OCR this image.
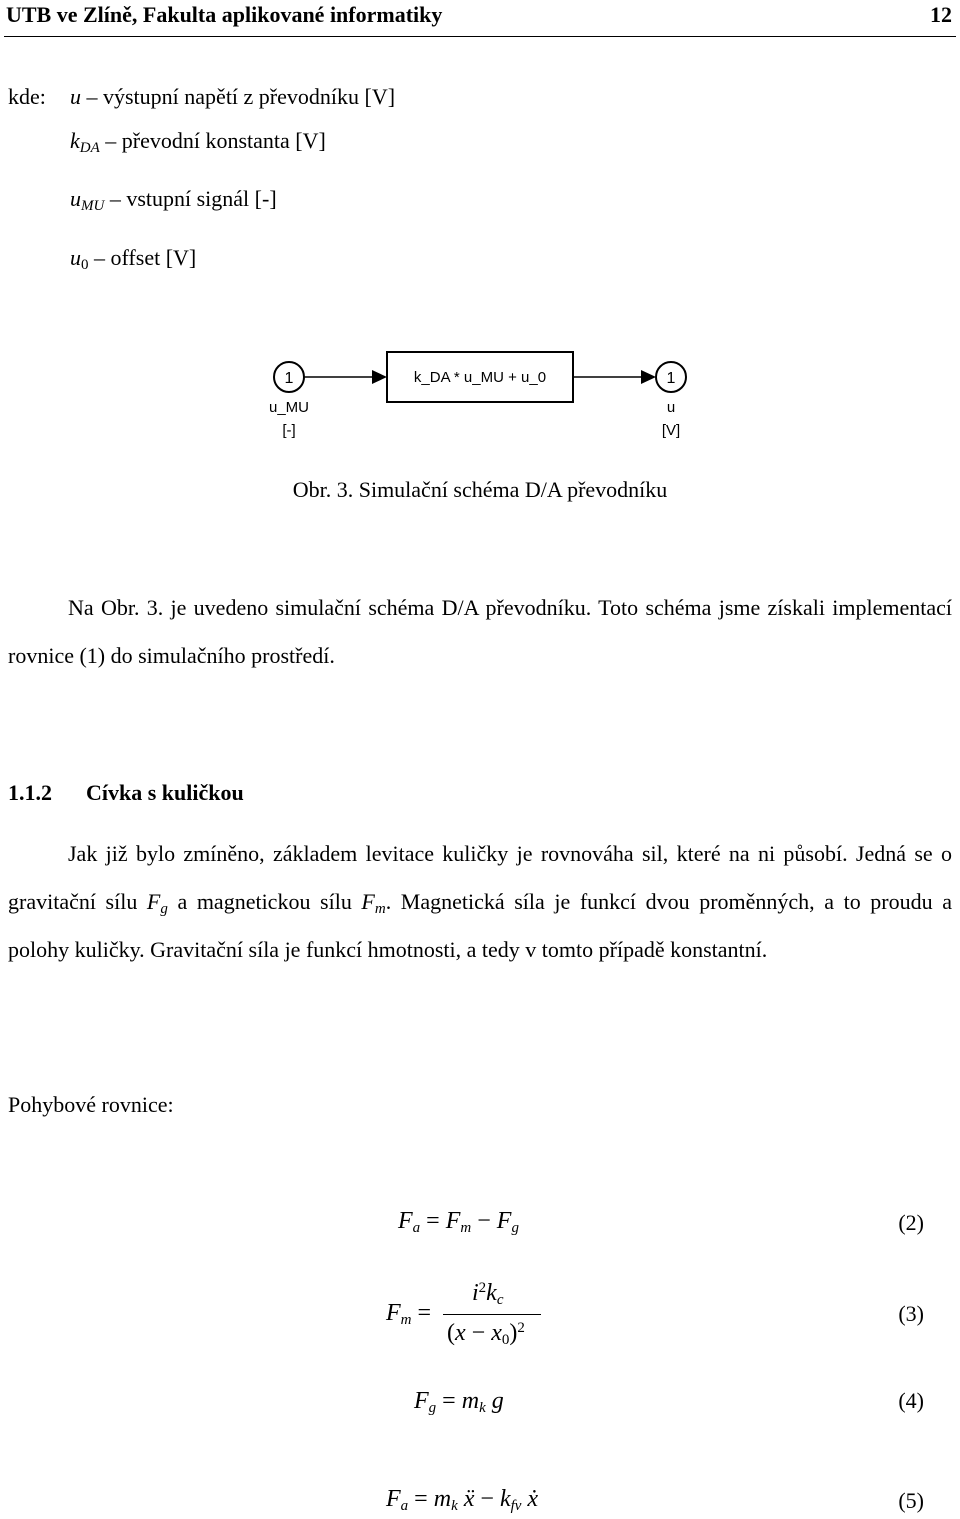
UTB ve Zlíně, Fakulta aplikované informatiky	12
kde: u – výstupní napětí z převodníku [V]
$k_{DA}$ – převodní konstanta [V]
$u_{MU}$ – vstupní signál [-]
$u_0$ – offset [V]
1
u_MU
[-]
k_DA * u_MU + u_0	1
u
[V]
Obr. 3. Simulační schéma D/A převodníku
Na Obr. 3. je uvedeno simulační schéma D/A převodníku. Toto schéma jsme získali implementací rovnice (1) do simulačního prostředí.
1.1.2 Cívka s kuličkou
Jak již bylo zmíněno, základem levitace kuličky je rovnováha sil, které na ni působí. Jedná se o gravitační sílu $F_g$ a magnetickou sílu $F_m$. Magnetická síla je funkcí dvou proměnných, a to proudu a polohy kuličky. Gravitační síla je funkcí hmotnosti, a tedy v tomto případě konstantní.
Pohybové rovnice:
$F_a = F_m - F_g$	(2)
$F_m$ =
$i^2k_c$
$(x - x_0)^2$
(3)
$F_g = m_k$ g	(4)
$F_a = m_k$ ẍ − $k_{fv}$ ẋ	(5)
